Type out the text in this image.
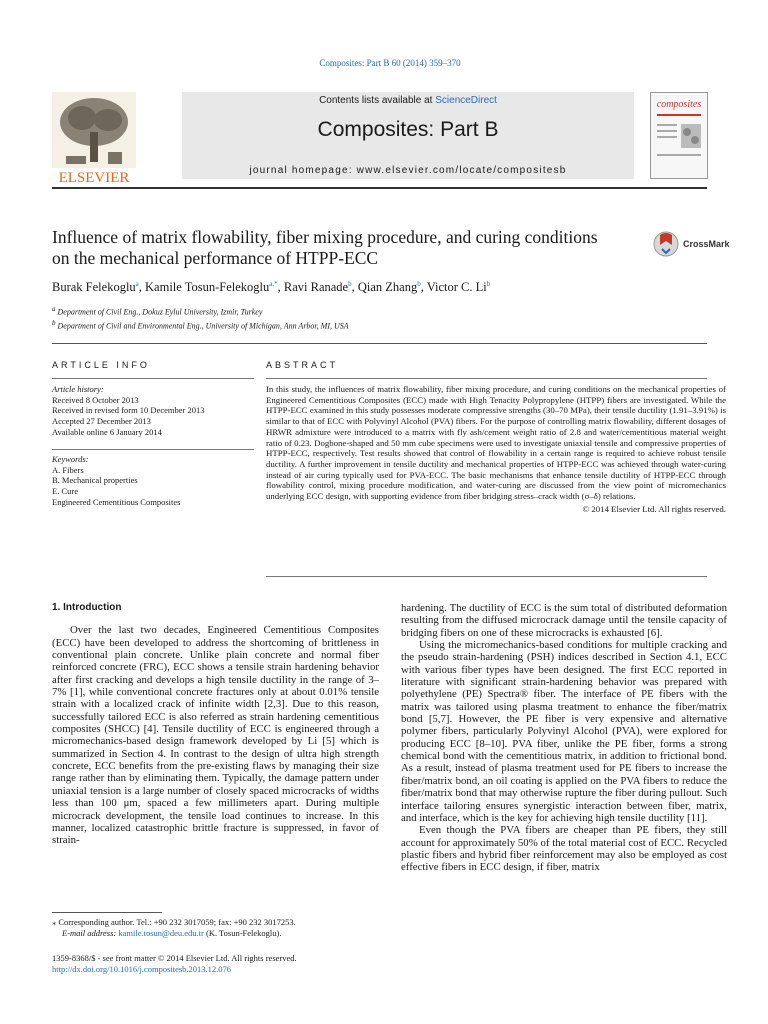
Composites: Part B 60 (2014) 359–370
ELSEVIER
Contents lists available at ScienceDirect
Composites: Part B
journal homepage: www.elsevier.com/locate/compositesb
composites
Influence of matrix flowability, fiber mixing procedure, and curing conditions on the mechanical performance of HTPP-ECC
CrossMark
Burak Felekoglu$^a$, Kamile Tosun-Felekoglu$^{a,*}$, Ravi Ranade$^b$, Qian Zhang$^b$, Victor C. Li$^b$
$^a$ Department of Civil Eng., Dokuz Eylul University, Izmir, Turkey
$^b$ Department of Civil and Environmental Eng., University of Michigan, Ann Arbor, MI, USA
ARTICLE INFO	ABSTRACT
Article history:
Received 8 October 2013
Received in revised form 10 December 2013
Accepted 27 December 2013
Available online 6 January 2014
Keywords:
A. Fibers
B. Mechanical properties
E. Cure
Engineered Cementitious Composites
In this study, the influences of matrix flowability, fiber mixing procedure, and curing conditions on the mechanical properties of Engineered Cementitious Composites (ECC) made with High Tenacity Polypropylene (HTPP) fibers are investigated. While the HTPP-ECC examined in this study possesses moderate compressive strengths (30–70 MPa), their tensile ductility (1.91–3.91%) is similar to that of ECC with Polyvinyl Alcohol (PVA) fibers. For the purpose of controlling matrix flowability, different dosages of HRWR admixture were introduced to a matrix with fly ash/cement weight ratio of 2.8 and water/cementitious material weight ratio of 0.23. Dogbone-shaped and 50 mm cube specimens were used to investigate uniaxial tensile and compressive properties of HTPP-ECC, respectively. Test results showed that control of flowability in a certain range is required to achieve robust tensile ductility. A further improvement in tensile ductility and mechanical properties of HTPP-ECC was achieved through water-curing instead of air curing typically used for PVA-ECC. The basic mechanisms that enhance tensile ductility of HTPP-ECC through flowability control, mixing procedure modification, and water-curing are discussed from the view point of micromechanics underlying ECC design, with supporting evidence from fiber bridging stress–crack width (σ–δ) relations.
© 2014 Elsevier Ltd. All rights reserved.
1. Introduction

Over the last two decades, Engineered Cementitious Composites (ECC) have been developed to address the shortcoming of brittleness in conventional plain concrete. Unlike plain concrete and normal fiber reinforced concrete (FRC), ECC shows a tensile strain hardening behavior after first cracking and develops a high tensile ductility in the range of 3–7% [1], while conventional concrete fractures only at about 0.01% tensile strain with a localized crack of infinite width [2,3]. Due to this reason, successfully tailored ECC is also referred as strain hardening cementitious composites (SHCC) [4]. Tensile ductility of ECC is engineered through a micromechanics-based design framework developed by Li [5] which is summarized in Section 4. In contrast to the design of ultra high strength concrete, ECC benefits from the pre-existing flaws by managing their size range rather than by eliminating them. Typically, the damage pattern under uniaxial tension is a large number of closely spaced microcracks of widths less than 100 μm, spaced a few millimeters apart. During multiple microcrack development, the tensile load continues to increase. In this manner, localized catastrophic brittle fracture is suppressed, in favor of strain-

hardening. The ductility of ECC is the sum total of distributed deformation resulting from the diffused microcrack damage until the tensile capacity of bridging fibers on one of these microcracks is exhausted [6].

Using the micromechanics-based conditions for multiple cracking and the pseudo strain-hardening (PSH) indices described in Section 4.1, ECC with various fiber types have been designed. The first ECC reported in literature with significant strain-hardening behavior was prepared with polyethylene (PE) Spectra® fiber. The interface of PE fibers with the matrix was tailored using plasma treatment to enhance the fiber/matrix bond [5,7]. However, the PE fiber is very expensive and alternative polymer fibers, particularly Polyvinyl Alcohol (PVA), were explored for producing ECC [8–10]. PVA fiber, unlike the PE fiber, forms a strong chemical bond with the cementitious matrix, in addition to frictional bond. As a result, instead of plasma treatment used for PE fibers to increase the fiber/matrix bond, an oil coating is applied on the PVA fibers to reduce the fiber/matrix bond that may otherwise rupture the fiber during pullout. Such interface tailoring ensures synergistic interaction between fiber, matrix, and interface, which is the key for achieving high tensile ductility [11].

Even though the PVA fibers are cheaper than PE fibers, they still account for approximately 50% of the total material cost of ECC. Recycled plastic fibers and hybrid fiber reinforcement may also be employed as cost effective fibers in ECC design, if fiber, matrix

⁎ Corresponding author. Tel.: +90 232 3017059; fax: +90 232 3017253.
E-mail address: kamile.tosun@deu.edu.tr (K. Tosun-Felekoglu).
1359-8368/$ - see front matter © 2014 Elsevier Ltd. All rights reserved.
http://dx.doi.org/10.1016/j.compositesb.2013.12.076
